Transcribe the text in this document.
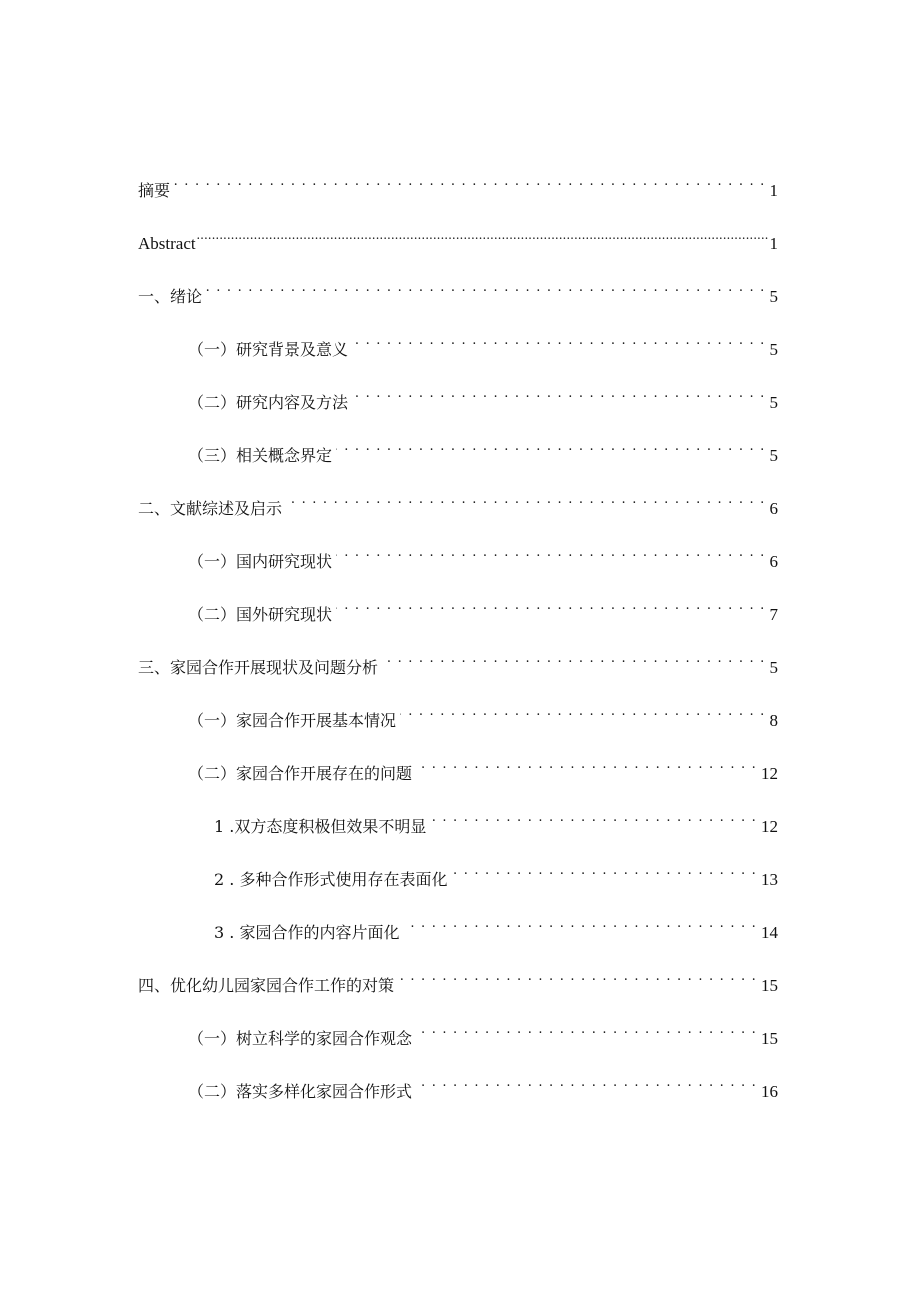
摘要 . . .	1
Abstract .....	1
一、绪论 . . .	5
（一）研究背景及意义 . . .	5
（二）研究内容及方法 . . .	5
（三）相关概念界定 . . .	5
二、文献综述及启示 . . .	6
（一）国内研究现状 . . .	6
（二）国外研究现状 . . .	7
三、家园合作开展现状及问题分析 . . .	5
（一）家园合作开展基本情况 . . .	8
（二）家园合作开展存在的问题 . . .	12
1 .双方态度积极但效果不明显 . . .	12
2 . 多种合作形式使用存在表面化 . . .	13
3 . 家园合作的内容片面化 . . .	14
四、优化幼儿园家园合作工作的对策 . . .	15
（一）树立科学的家园合作观念 . . .	15
（二）落实多样化家园合作形式 . . .	16
